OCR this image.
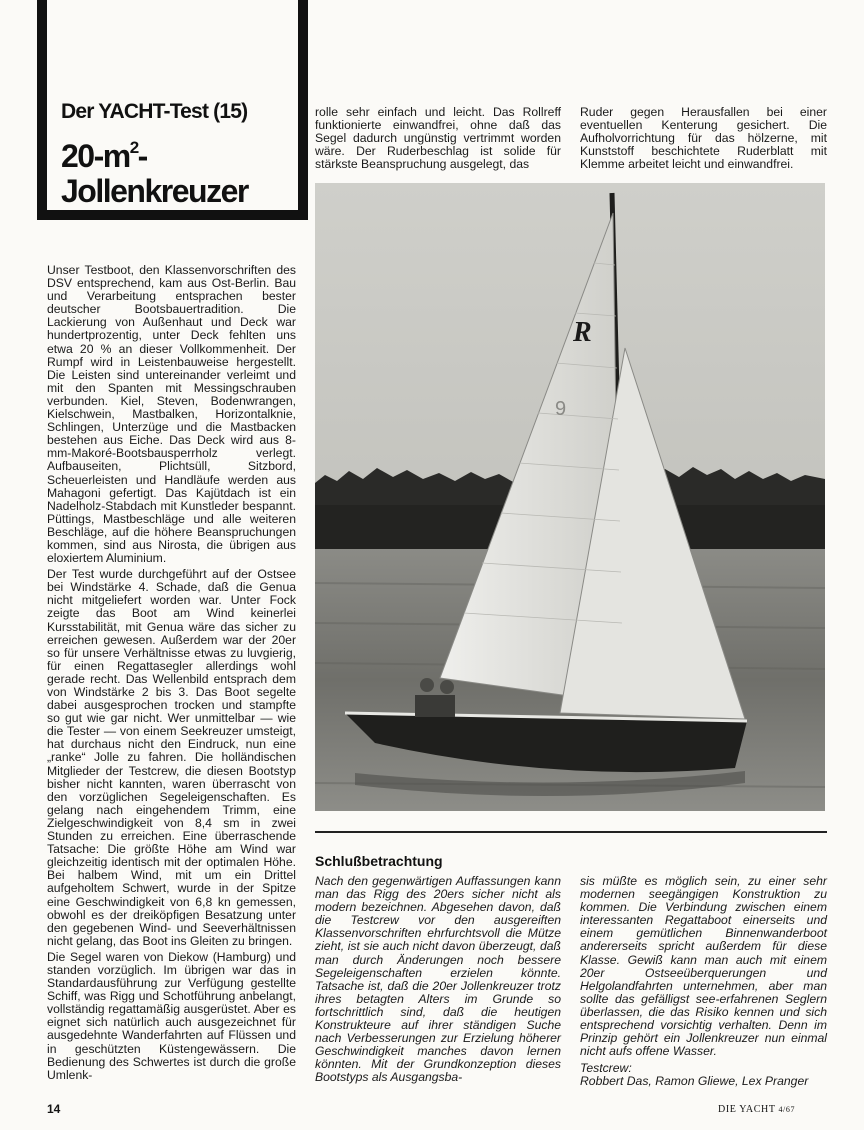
Der YACHT-Test (15)
$20-m^2-$
Jollenkreuzer

Unser Testboot, den Klassenvorschriften des DSV entsprechend, kam aus Ost-Berlin. Bau und Verarbeitung entsprachen bester deutscher Bootsbauertradition. Die Lackierung von Außenhaut und Deck war hundertprozentig, unter Deck fehlten uns etwa 20 % an dieser Vollkommenheit. Der Rumpf wird in Leistenbauweise hergestellt. Die Leisten sind untereinander verleimt und mit den Spanten mit Messingschrauben verbunden. Kiel, Steven, Bodenwrangen, Kielschwein, Mastbalken, Horizontalknie, Schlingen, Unterzüge und die Mastbacken bestehen aus Eiche. Das Deck wird aus 8-mm-Makoré-Bootsbausperrholz verlegt. Aufbauseiten, Plichtsüll, Sitzbord, Scheuerleisten und Handläufe werden aus Mahagoni gefertigt. Das Kajütdach ist ein Nadelholz-Stabdach mit Kunstleder bespannt. Püttings, Mastbeschläge und alle weiteren Beschläge, auf die höhere Beanspruchungen kommen, sind aus Nirosta, die übrigen aus eloxiertem Aluminium.

Der Test wurde durchgeführt auf der Ostsee bei Windstärke 4. Schade, daß die Genua nicht mitgeliefert worden war. Unter Fock zeigte das Boot am Wind keinerlei Kursstabilität, mit Genua wäre das sicher zu erreichen gewesen. Außerdem war der 20er so für unsere Verhältnisse etwas zu luvgierig, für einen Regattasegler allerdings wohl gerade recht. Das Wellenbild entsprach dem von Windstärke 2 bis 3. Das Boot segelte dabei ausgesprochen trocken und stampfte so gut wie gar nicht. Wer unmittelbar — wie die Tester — von einem Seekreuzer umsteigt, hat durchaus nicht den Eindruck, nun eine „ranke“ Jolle zu fahren. Die holländischen Mitglieder der Testcrew, die diesen Bootstyp bisher nicht kannten, waren überrascht von den vorzüglichen Segeleigenschaften. Es gelang nach eingehendem Trimm, eine Zielgeschwindigkeit von 8,4 sm in zwei Stunden zu erreichen. Eine überraschende Tatsache: Die größte Höhe am Wind war gleichzeitig identisch mit der optimalen Höhe. Bei halbem Wind, mit um ein Drittel aufgeholtem Schwert, wurde in der Spitze eine Geschwindigkeit von 6,8 kn gemessen, obwohl es der dreiköpfigen Besatzung unter den gegebenen Wind- und Seeverhältnissen nicht gelang, das Boot ins Gleiten zu bringen.

Die Segel waren von Diekow (Hamburg) und standen vorzüglich. Im übrigen war das in Standardausführung zur Verfügung gestellte Schiff, was Rigg und Schotführung anbelangt, vollständig regattamäßig ausgerüstet. Aber es eignet sich natürlich auch ausgezeichnet für ausgedehnte Wanderfahrten auf Flüssen und in geschützten Küstengewässern. Die Bedienung des Schwertes ist durch die große Umlenk-

rolle sehr einfach und leicht. Das Rollreff funktionierte einwandfrei, ohne daß das Segel dadurch ungünstig vertrimmt worden wäre. Der Ruderbeschlag ist solide für stärkste Beanspruchung ausgelegt, das

Ruder gegen Herausfallen bei einer eventuellen Kenterung gesichert. Die Aufholvorrichtung für das hölzerne, mit Kunststoff beschichtete Ruderblatt mit Klemme arbeitet leicht und einwandfrei.

R
9
Schlußbetrachtung

Nach den gegenwärtigen Auffassungen kann man das Rigg des 20ers sicher nicht als modern bezeichnen. Abgesehen davon, daß die Testcrew vor den ausgereiften Klassenvorschriften ehrfurchtsvoll die Mütze zieht, ist sie auch nicht davon überzeugt, daß man durch Änderungen noch bessere Segeleigenschaften erzielen könnte. Tatsache ist, daß die 20er Jollenkreuzer trotz ihres betagten Alters im Grunde so fortschrittlich sind, daß die heutigen Konstrukteure auf ihrer ständigen Suche nach Verbesserungen zur Erzielung höherer Geschwindigkeit manches davon lernen könnten. Mit der Grundkonzeption dieses Bootstyps als Ausgangsba-

sis müßte es möglich sein, zu einer sehr modernen seegängigen Konstruktion zu kommen. Die Verbindung zwischen einem interessanten Regattaboot einerseits und einem gemütlichen Binnenwanderboot andererseits spricht außerdem für diese Klasse. Gewiß kann man auch mit einem 20er Ostseeüberquerungen und Helgolandfahrten unternehmen, aber man sollte das gefälligst see-erfahrenen Seglern überlassen, die das Risiko kennen und sich entsprechend vorsichtig verhalten. Denn im Prinzip gehört ein Jollenkreuzer nun einmal nicht aufs offene Wasser.

Testcrew:
Robbert Das, Ramon Gliewe, Lex Pranger
14	DIE YACHT 4/67
